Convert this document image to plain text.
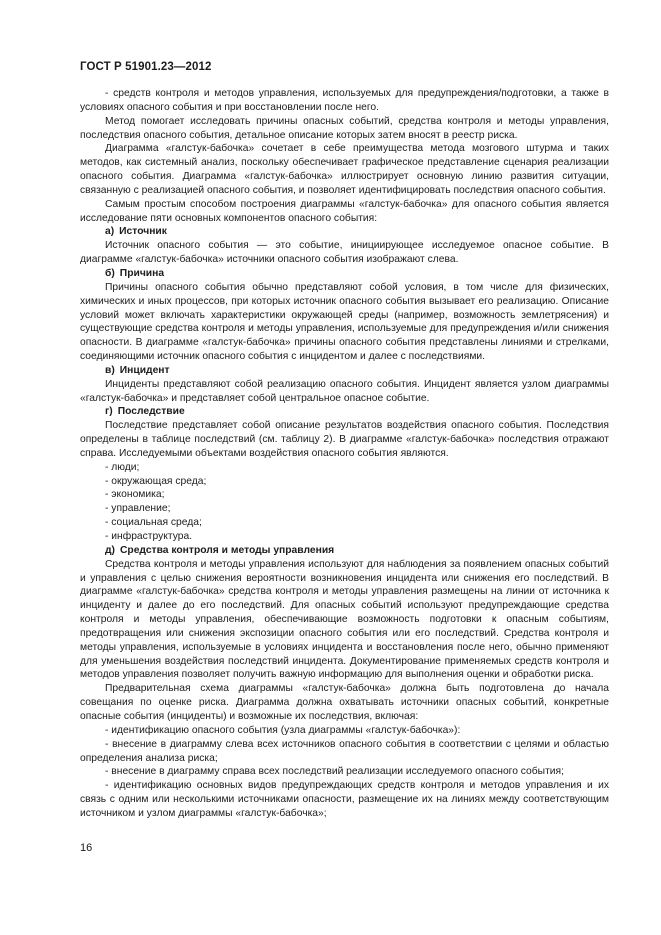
ГОСТ Р 51901.23—2012

- средств контроля и методов управления, используемых для предупреждения/подготовки, а также в условиях опасного события и при восстановлении после него.

Метод помогает исследовать причины опасных событий, средства контроля и методы управления, последствия опасного события, детальное описание которых затем вносят в реестр риска.

Диаграмма «галстук-бабочка» сочетает в себе преимущества метода мозгового штурма и таких методов, как системный анализ, поскольку обеспечивает графическое представление сценария реализации опасного события. Диаграмма «галстук-бабочка» иллюстрирует основную линию развития ситуации, связанную с реализацией опасного события, и позволяет идентифицировать последствия опасного события.

Самым простым способом построения диаграммы «галстук-бабочка» для опасного события является исследование пяти основных компонентов опасного события:

а) Источник

Источник опасного события — это событие, инициирующее исследуемое опасное событие. В диаграмме «галстук-бабочка» источники опасного события изображают слева.

б) Причина

Причины опасного события обычно представляют собой условия, в том числе для физических, химических и иных процессов, при которых источник опасного события вызывает его реализацию. Описание условий может включать характеристики окружающей среды (например, возможность землетрясения) и существующие средства контроля и методы управления, используемые для предупреждения и/или снижения опасности. В диаграмме «галстук-бабочка» причины опасного события представлены линиями и стрелками, соединяющими источник опасного события с инцидентом и далее с последствиями.

в) Инцидент

Инциденты представляют собой реализацию опасного события. Инцидент является узлом диаграммы «галстук-бабочка» и представляет собой центральное опасное событие.

г) Последствие

Последствие представляет собой описание результатов воздействия опасного события. Последствия определены в таблице последствий (см. таблицу 2). В диаграмме «галстук-бабочка» последствия отражают справа. Исследуемыми объектами воздействия опасного события являются.

- люди;

- окружающая среда;

- экономика;

- управление;

- социальная среда;

- инфраструктура.

д) Средства контроля и методы управления

Средства контроля и методы управления используют для наблюдения за появлением опасных событий и управления с целью снижения вероятности возникновения инцидента или снижения его последствий. В диаграмме «галстук-бабочка» средства контроля и методы управления размещены на линии от источника к инциденту и далее до его последствий. Для опасных событий используют предупреждающие средства контроля и методы управления, обеспечивающие возможность подготовки к опасным событиям, предотвращения или снижения экспозиции опасного события или его последствий. Средства контроля и методы управления, используемые в условиях инцидента и восстановления после него, обычно применяют для уменьшения воздействия последствий инцидента. Документирование применяемых средств контроля и методов управления позволяет получить важную информацию для выполнения оценки и обработки риска.

Предварительная схема диаграммы «галстук-бабочка» должна быть подготовлена до начала совещания по оценке риска. Диаграмма должна охватывать источники опасных событий, конкретные опасные события (инциденты) и возможные их последствия, включая:

- идентификацию опасного события (узла диаграммы «галстук-бабочка»):

- внесение в диаграмму слева всех источников опасного события в соответствии с целями и областью определения анализа риска;

- внесение в диаграмму справа всех последствий реализации исследуемого опасного события;

- идентификацию основных видов предупреждающих средств контроля и методов управления и их связь с одним или несколькими источниками опасности, размещение их на линиях между соответствующим источником и узлом диаграммы «галстук-бабочка»;

16
